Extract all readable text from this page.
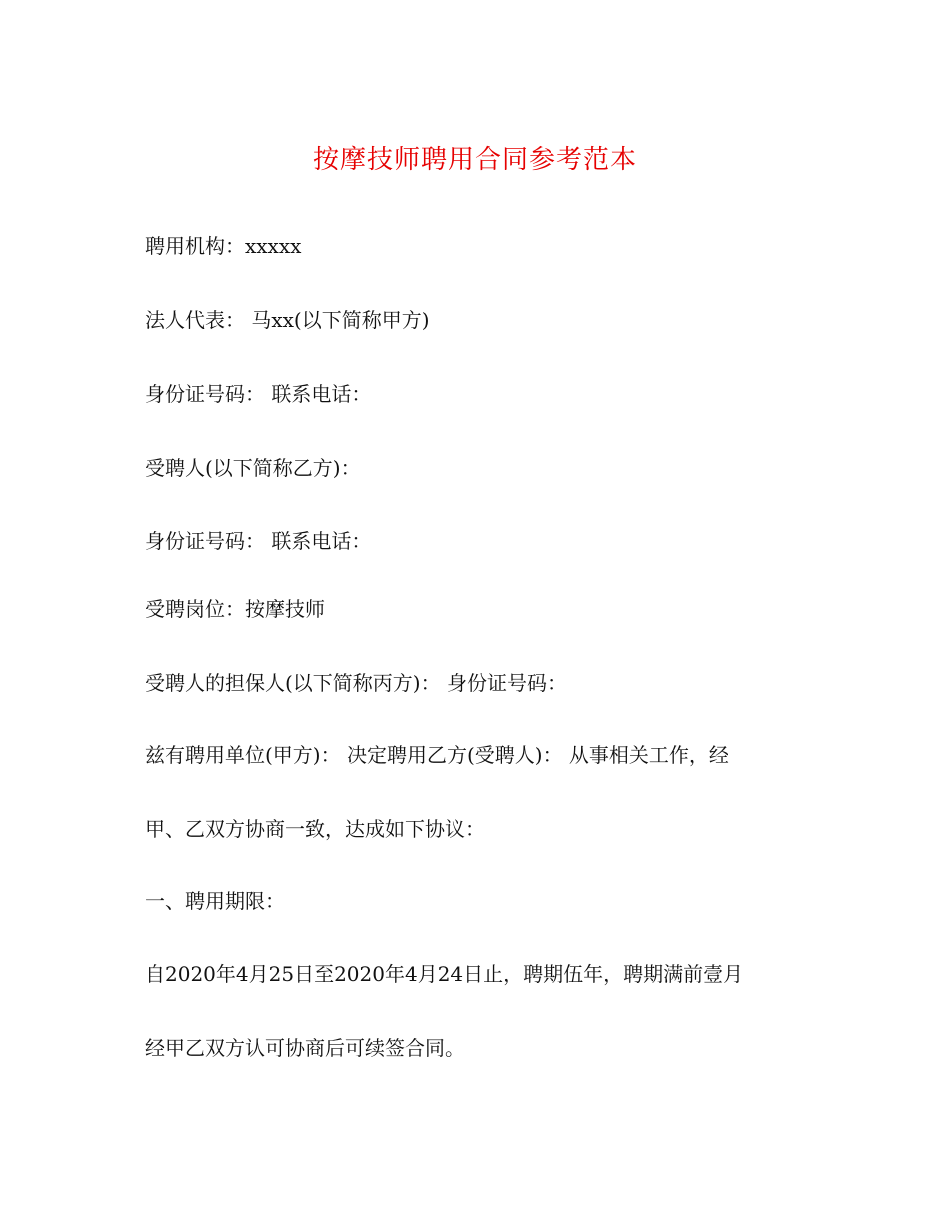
按摩技师聘用合同参考范本

聘用机构：xxxxx

法人代表： 马xx(以下简称甲方)

身份证号码： 联系电话：

受聘人(以下简称乙方)：

身份证号码： 联系电话：

受聘岗位：按摩技师

受聘人的担保人(以下简称丙方)： 身份证号码：

兹有聘用单位(甲方)： 决定聘用乙方(受聘人)： 从事相关工作，经

甲、乙双方协商一致，达成如下协议：

一、聘用期限：

自2020年4月25日至2020年4月24日止，聘期伍年，聘期满前壹月

经甲乙双方认可协商后可续签合同。
